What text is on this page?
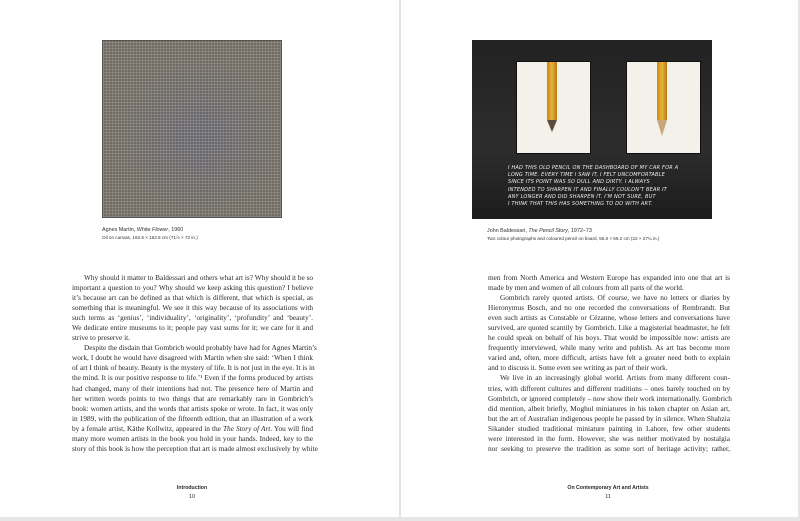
Agnes Martin, White Flower, 1960
Oil on canvas, 182.6 × 182.9 cm (71⅞ × 72 in.)
Why should it matter to Baldessari and others what art is? Why should it be so
important a question to you? Why should we keep asking this question? I believe
it’s because art can be defined as that which is different, that which is special, as
something that is meaningful. We see it this way because of its associations with
such terms as ‘genius’, ‘individuality’, ‘originality’, ‘profundity’ and ‘beauty’.
We dedicate entire museums to it; people pay vast sums for it; we care for it and
strive to preserve it.
Despite the disdain that Gombrich would probably have had for Agnes Martin’s
work, I doubt he would have disagreed with Martin when she said: ‘When I think
of art I think of beauty. Beauty is the mystery of life. It is not just in the eye. It is in
the mind. It is our positive response to life.’¹ Even if the forms produced by artists
had changed, many of their intentions had not. The presence here of Martin and
her written words points to two things that are remarkably rare in Gombrich’s
book: women artists, and the words that artists spoke or wrote. In fact, it was only
in 1989, with the publication of the fifteenth edition, that an illustration of a work
by a female artist, Käthe Kollwitz, appeared in the The Story of Art. You will find
many more women artists in the book you hold in your hands. Indeed, key to the
story of this book is how the perception that art is made almost exclusively by white
Introduction
10
I HAD THIS OLD PENCIL ON THE DASHBOARD OF MY CAR FOR A
LONG TIME. EVERY TIME I SAW IT, I FELT UNCOMFORTABLE
SINCE ITS POINT WAS SO DULL AND DIRTY. I ALWAYS
INTENDED TO SHARPEN IT AND FINALLY COULDN’T BEAR IT
ANY LONGER AND DID SHARPEN IT. I’M NOT SURE, BUT
I THINK THAT THIS HAS SOMETHING TO DO WITH ART.
John Baldessari, The Pencil Story, 1972–73
Two colour photographs and coloured pencil on board, 55.8 × 69.2 cm (22 × 27¼ in.)
men from North America and Western Europe has expanded into one that art is
made by men and women of all colours from all parts of the world.
Gombrich rarely quoted artists. Of course, we have no letters or diaries by
Hieronymus Bosch, and no one recorded the conversations of Rembrandt. But
even such artists as Constable or Cézanne, whose letters and conversations have
survived, are quoted scantily by Gombrich. Like a magisterial headmaster, he felt
he could speak on behalf of his boys. That would be impossible now: artists are
frequently interviewed, while many write and publish. As art has become more
varied and, often, more difficult, artists have felt a greater need both to explain
and to discuss it. Some even see writing as part of their work.
We live in an increasingly global world. Artists from many different coun-
tries, with different cultures and different traditions – ones barely touched on by
Gombrich, or ignored completely – now show their work internationally. Gombrich
did mention, albeit briefly, Moghul miniatures in his token chapter on Asian art,
but the art of Australian indigenous people he passed by in silence. When Shahzia
Sikander studied traditional miniature painting in Lahore, few other students
were interested in the form. However, she was neither motivated by nostalgia
nor seeking to preserve the tradition as some sort of heritage activity; rather,
On Contemporary Art and Artists
11
